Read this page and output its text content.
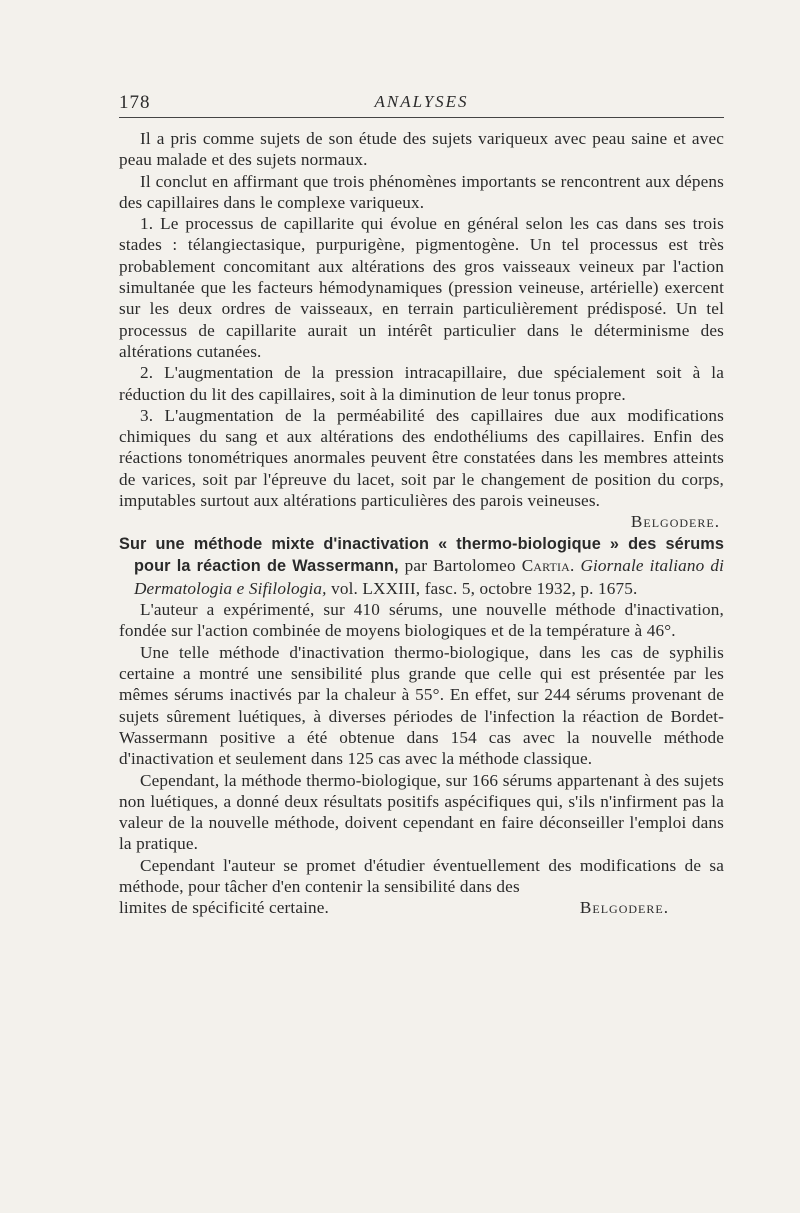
178	ANALYSES

Il a pris comme sujets de son étude des sujets variqueux avec peau saine et avec peau malade et des sujets normaux.

Il conclut en affirmant que trois phénomènes importants se rencontrent aux dépens des capillaires dans le complexe variqueux.

1. Le processus de capillarite qui évolue en général selon les cas dans ses trois stades : télangiectasique, purpurigène, pigmentogène. Un tel processus est très probablement concomitant aux altérations des gros vaisseaux veineux par l'action simultanée que les facteurs hémodynamiques (pression veineuse, artérielle) exercent sur les deux ordres de vaisseaux, en terrain particulièrement prédisposé. Un tel processus de capillarite aurait un intérêt particulier dans le déterminisme des altérations cutanées.

2. L'augmentation de la pression intracapillaire, due spécialement soit à la réduction du lit des capillaires, soit à la diminution de leur tonus propre.

3. L'augmentation de la perméabilité des capillaires due aux modifications chimiques du sang et aux altérations des endothéliums des capillaires. Enfin des réactions tonométriques anormales peuvent être constatées dans les membres atteints de varices, soit par l'épreuve du lacet, soit par le changement de position du corps, imputables surtout aux altérations particulières des parois veineuses.

Belgodere.

Sur une méthode mixte d'inactivation « thermo-biologique » des sérums pour la réaction de Wassermann, par Bartolomeo Cartia. Giornale italiano di Dermatologia e Sifilologia, vol. LXXIII, fasc. 5, octobre 1932, p. 1675.

L'auteur a expérimenté, sur 410 sérums, une nouvelle méthode d'inactivation, fondée sur l'action combinée de moyens biologiques et de la température à 46°.

Une telle méthode d'inactivation thermo-biologique, dans les cas de syphilis certaine a montré une sensibilité plus grande que celle qui est présentée par les mêmes sérums inactivés par la chaleur à 55°. En effet, sur 244 sérums provenant de sujets sûrement luétiques, à diverses périodes de l'infection la réaction de Bordet-Wassermann positive a été obtenue dans 154 cas avec la nouvelle méthode d'inactivation et seulement dans 125 cas avec la méthode classique.

Cependant, la méthode thermo-biologique, sur 166 sérums appartenant à des sujets non luétiques, a donné deux résultats positifs aspécifiques qui, s'ils n'infirment pas la valeur de la nouvelle méthode, doivent cependant en faire déconseiller l'emploi dans la pratique.

Cependant l'auteur se promet d'étudier éventuellement des modifications de sa méthode, pour tâcher d'en contenir la sensibilité dans des

limites de spécificité certaine.	Belgodere.
